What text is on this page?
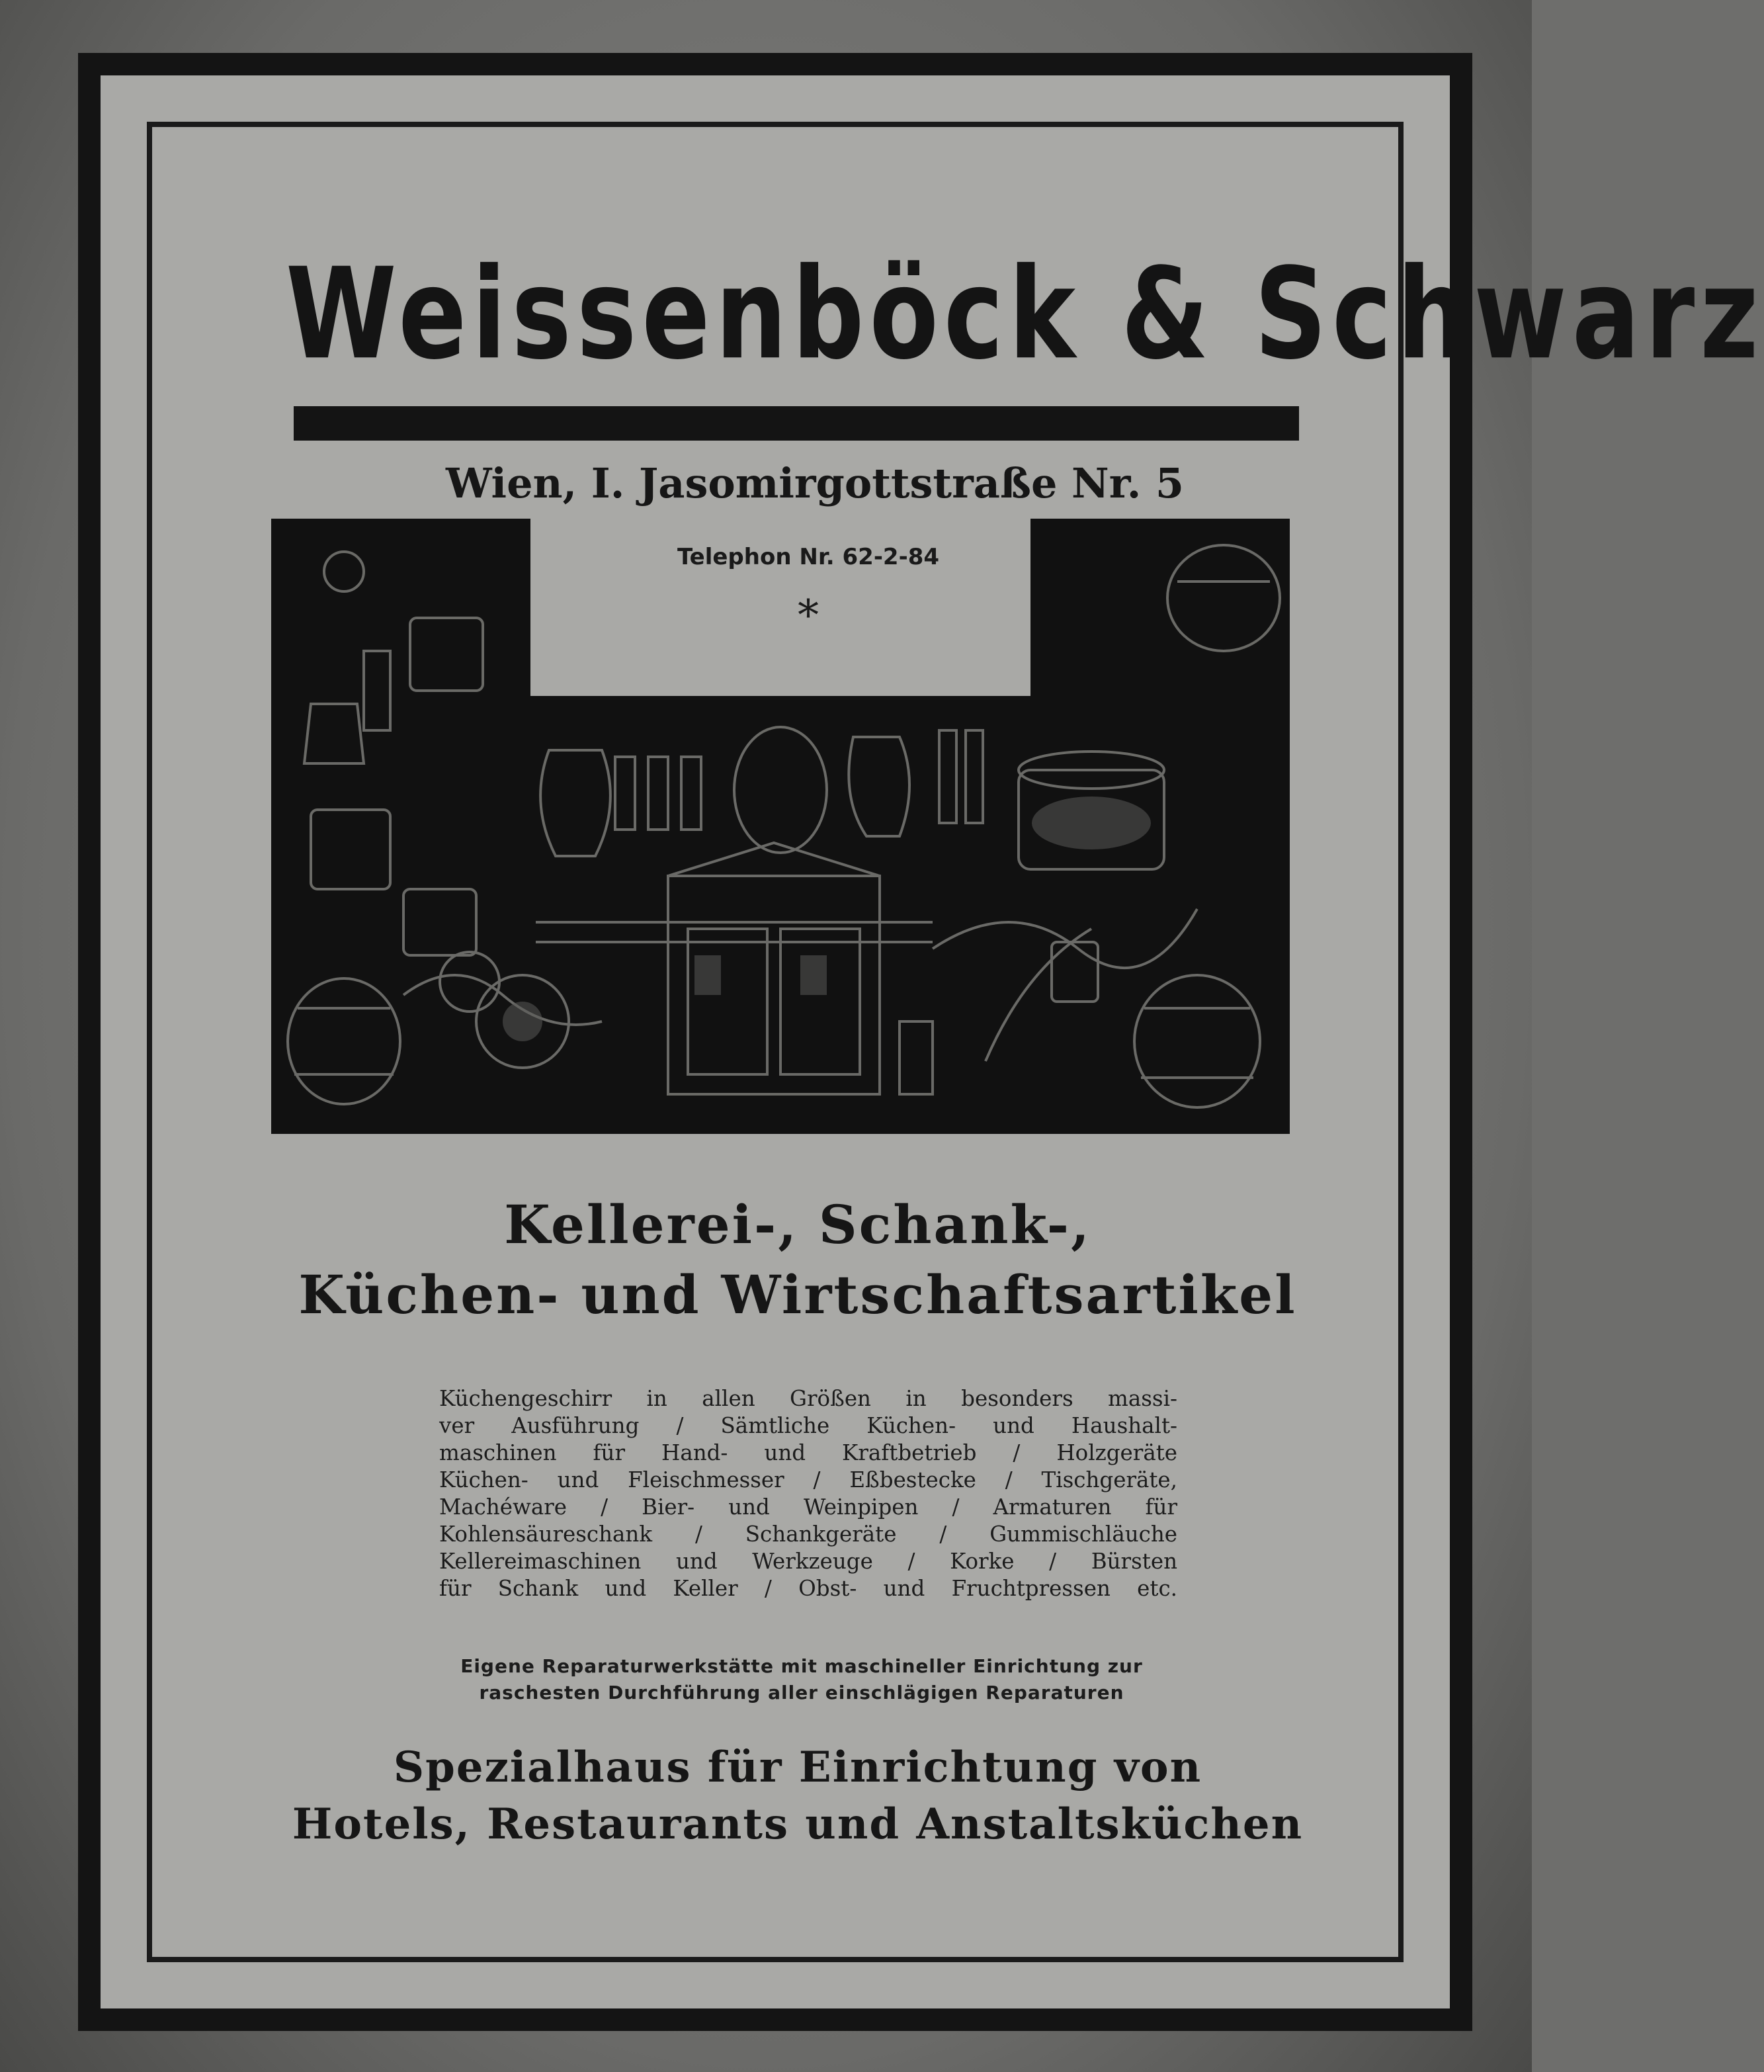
Weissenböck & Schwarz
Wien, I. Jasomirgottstraße Nr. 5
Telephon Nr. 62-2-84
*
Kellerei-, Schank-,
Küchen- und Wirtschaftsartikel
Küchengeschirr in allen Größen in besonders massi-
ver Ausführung / Sämtliche Küchen- und Haushalt-
maschinen für Hand- und Kraftbetrieb / Holzgeräte
Küchen- und Fleischmesser / Eßbestecke / Tischgeräte,
Machéware / Bier- und Weinpipen / Armaturen für
Kohlensäureschank / Schankgeräte / Gummischläuche
Kellereimaschinen und Werkzeuge / Korke / Bürsten
für Schank und Keller / Obst- und Fruchtpressen etc.
Eigene Reparaturwerkstätte mit maschineller Einrichtung zur
raschesten Durchführung aller einschlägigen Reparaturen
Spezialhaus für Einrichtung von
Hotels, Restaurants und Anstaltsküchen
